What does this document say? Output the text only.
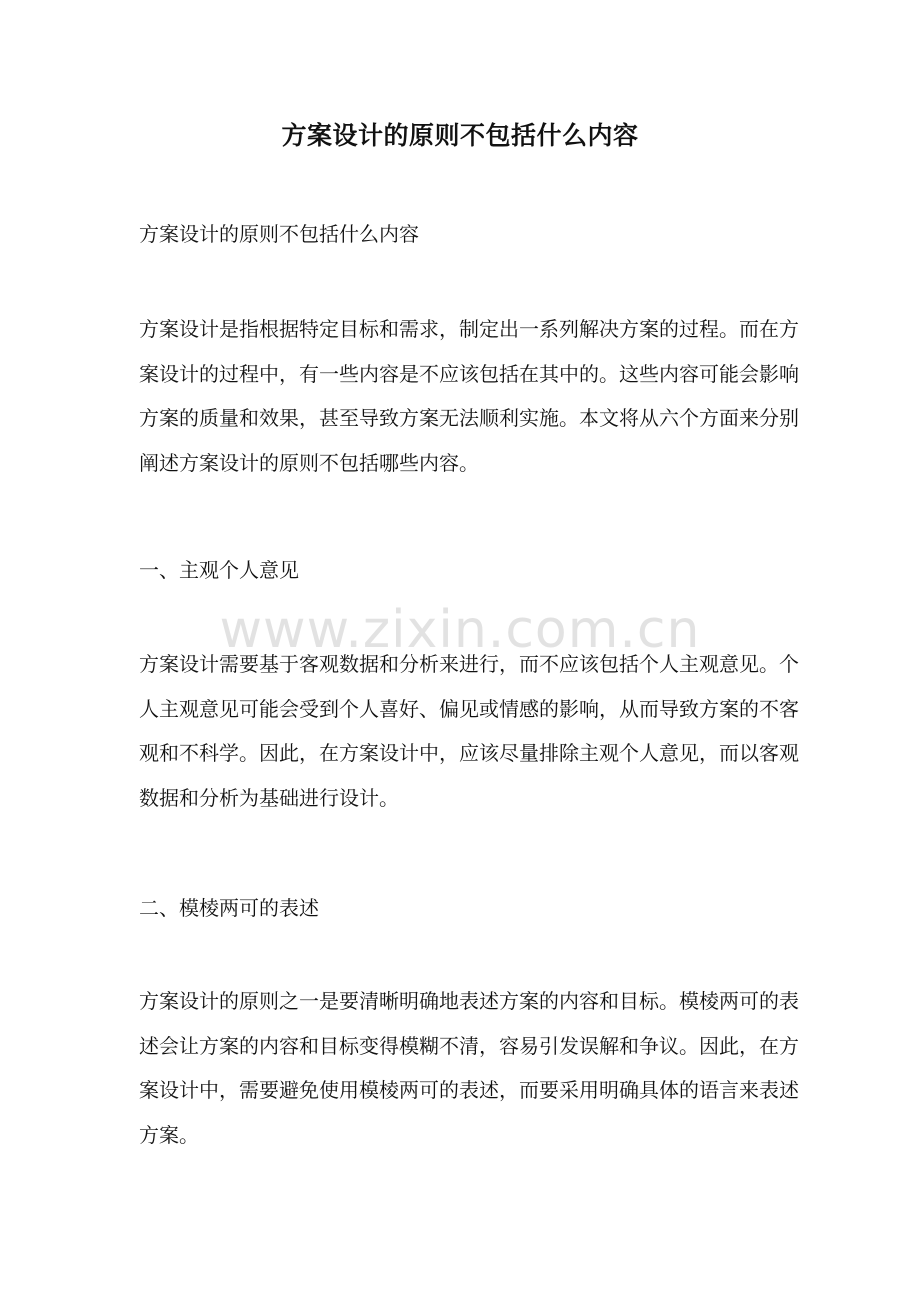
方案设计的原则不包括什么内容
方案设计的原则不包括什么内容

方案设计是指根据特定目标和需求，制定出一系列解决方案的过程。而在方案设计的过程中，有一些内容是不应该包括在其中的。这些内容可能会影响方案的质量和效果，甚至导致方案无法顺利实施。本文将从六个方面来分别阐述方案设计的原则不包括哪些内容。

一、主观个人意见

方案设计需要基于客观数据和分析来进行，而不应该包括个人主观意见。个人主观意见可能会受到个人喜好、偏见或情感的影响，从而导致方案的不客观和不科学。因此，在方案设计中，应该尽量排除主观个人意见，而以客观数据和分析为基础进行设计。

二、模棱两可的表述

方案设计的原则之一是要清晰明确地表述方案的内容和目标。模棱两可的表述会让方案的内容和目标变得模糊不清，容易引发误解和争议。因此，在方案设计中，需要避免使用模棱两可的表述，而要采用明确具体的语言来表述方案。

www.zixin.com.cn
